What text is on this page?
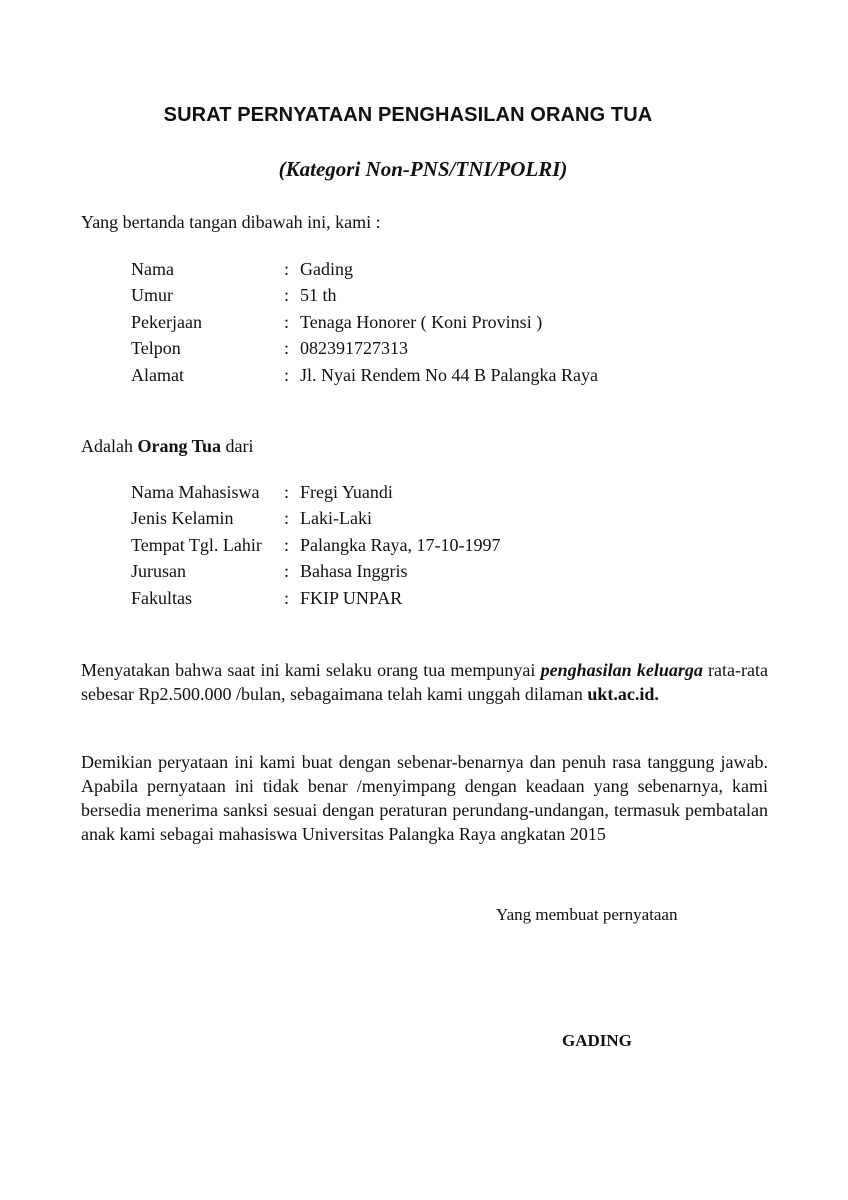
SURAT PERNYATAAN PENGHASILAN ORANG TUA
(Kategori Non-PNS/TNI/POLRI)
Yang bertanda tangan dibawah ini, kami :
Nama	:	Gading
Umur	:	51 th
Pekerjaan	:	Tenaga Honorer ( Koni Provinsi )
Telpon	:	082391727313
Alamat	:	Jl. Nyai Rendem No 44 B Palangka Raya
Adalah Orang Tua dari
Nama Mahasiswa	:	Fregi Yuandi
Jenis Kelamin	:	Laki-Laki
Tempat Tgl. Lahir	:	Palangka Raya, 17-10-1997
Jurusan	:	Bahasa Inggris
Fakultas	:	FKIP UNPAR
Menyatakan bahwa saat ini kami selaku orang tua mempunyai penghasilan keluarga rata-rata sebesar Rp2.500.000 /bulan, sebagaimana telah kami unggah dilaman ukt.ac.id.
Demikian peryataan ini kami buat dengan sebenar-benarnya dan penuh rasa tanggung jawab. Apabila pernyataan ini tidak benar /menyimpang dengan keadaan yang sebenarnya, kami bersedia menerima sanksi sesuai dengan peraturan perundang-undangan, termasuk pembatalan anak kami sebagai mahasiswa Universitas Palangka Raya angkatan 2015
Yang membuat pernyataan
GADING
